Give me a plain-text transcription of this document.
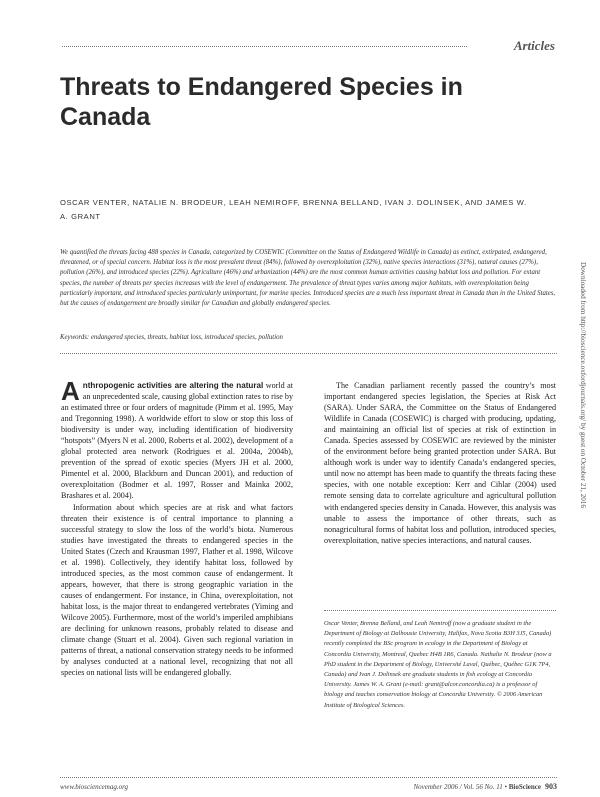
Articles
Threats to Endangered Species in Canada
OSCAR VENTER, NATALIE N. BRODEUR, LEAH NEMIROFF, BRENNA BELLAND, IVAN J. DOLINSEK, AND JAMES W. A. GRANT

We quantified the threats facing 488 species in Canada, categorized by COSEWIC (Committee on the Status of Endangered Wildlife in Canada) as extinct, extirpated, endangered, threatened, or of special concern. Habitat loss is the most prevalent threat (84%), followed by overexploitation (32%), native species interactions (31%), natural causes (27%), pollution (26%), and introduced species (22%). Agriculture (46%) and urbanization (44%) are the most common human activities causing habitat loss and pollution. For extant species, the number of threats per species increases with the level of endangerment. The prevalence of threat types varies among major habitats, with overexploitation being particularly important, and introduced species particularly unimportant, for marine species. Introduced species are a much less important threat in Canada than in the United States, but the causes of endangerment are broadly similar for Canadian and globally endangered species.

Keywords: endangered species, threats, habitat loss, introduced species, pollution

Anthropogenic activities are altering the natural world at an unprecedented scale, causing global extinction rates to rise by an estimated three or four orders of magnitude (Pimm et al. 1995, May and Tregonning 1998). A worldwide effort to slow or stop this loss of biodiversity is under way, including identification of biodiversity “hotspots” (Myers N et al. 2000, Roberts et al. 2002), development of a global protected area network (Rodrigues et al. 2004a, 2004b), prevention of the spread of exotic species (Myers JH et al. 2000, Pimentel et al. 2000, Blackburn and Duncan 2001), and reduction of overexploitation (Bodmer et al. 1997, Rosser and Mainka 2002, Brashares et al. 2004).

Information about which species are at risk and what factors threaten their existence is of central importance to planning a successful strategy to slow the loss of the world’s biota. Numerous studies have investigated the threats to endangered species in the United States (Czech and Krausman 1997, Flather et al. 1998, Wilcove et al. 1998). Collectively, they identify habitat loss, followed by introduced species, as the most common cause of endangerment. It appears, however, that there is strong geographic variation in the causes of endangerment. For instance, in China, overexploitation, not habitat loss, is the major threat to endangered vertebrates (Yiming and Wilcove 2005). Furthermore, most of the world’s imperiled amphibians are declining for unknown reasons, probably related to disease and climate change (Stuart et al. 2004). Given such regional variation in patterns of threat, a national conservation strategy needs to be informed by analyses conducted at a national level, recognizing that not all species on national lists will be endangered globally.

The Canadian parliament recently passed the country’s most important endangered species legislation, the Species at Risk Act (SARA). Under SARA, the Committee on the Status of Endangered Wildlife in Canada (COSEWIC) is charged with producing, updating, and maintaining an official list of species at risk of extinction in Canada. Species assessed by COSEWIC are reviewed by the minister of the environment before being granted protection under SARA. But although work is under way to identify Canada’s endangered species, until now no attempt has been made to quantify the threats facing these species, with one notable exception: Kerr and Cihlar (2004) used remote sensing data to correlate agriculture and agricultural pollution with endangered species density in Canada. However, this analysis was unable to assess the importance of other threats, such as nonagricultural forms of habitat loss and pollution, introduced species, overexploitation, native species interactions, and natural causes.

Oscar Venter, Brenna Belland, and Leah Nemiroff (now a graduate student in the Department of Biology at Dalhousie University, Halifax, Nova Scotia B3H 3J5, Canada) recently completed the BSc program in ecology in the Department of Biology at Concordia University, Montreal, Quebec H4B 1R6, Canada. Nathalie N. Brodeur (now a PhD student in the Department of Biology, Université Laval, Québec, Québec G1K 7P4, Canada) and Ivan J. Dolinsek are graduate students in fish ecology at Concordia University. James W. A. Grant (e-mail: grant@alcor.concordia.ca) is a professor of biology and teaches conservation biology at Concordia University. © 2006 American Institute of Biological Sciences.

www.biosciencemag.org	November 2006 / Vol. 56 No. 11 • BioScience 903
Downloaded from http://bioscience.oxfordjournals.org/ by guest on October 21, 2016
